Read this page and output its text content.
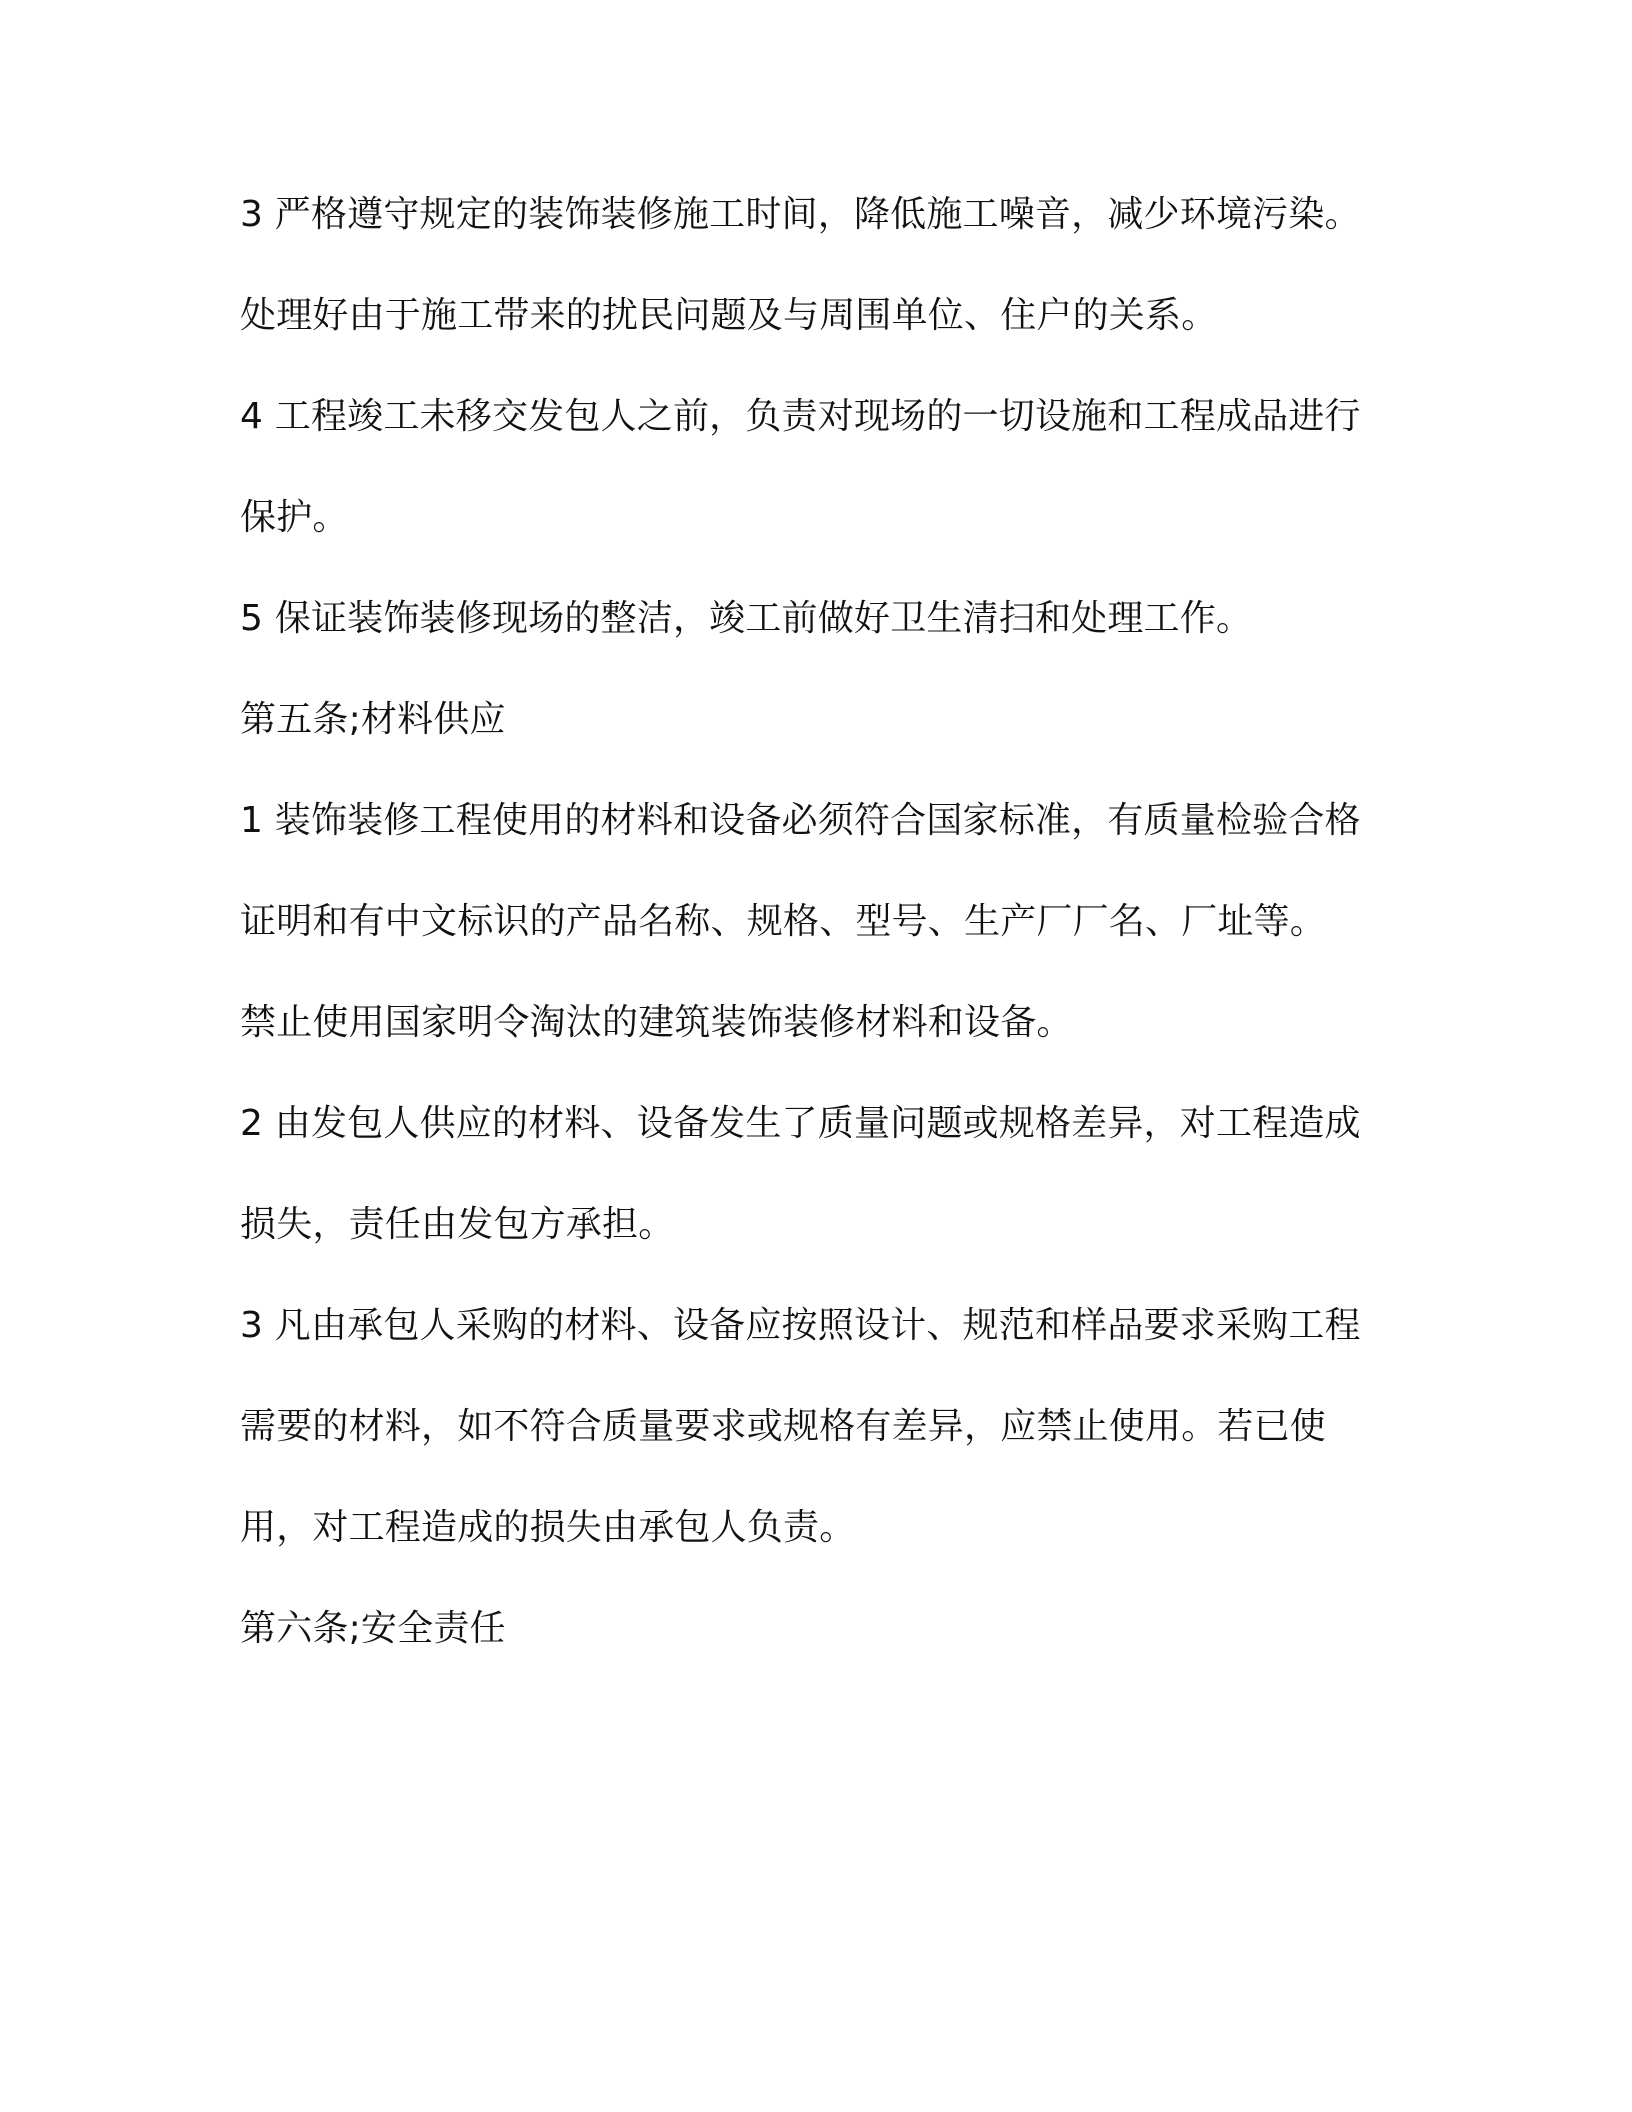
3 严格遵守规定的装饰装修施工时间，降低施工噪音，减少环境污染。
处理好由于施工带来的扰民问题及与周围单位、住户的关系。
4 工程竣工未移交发包人之前，负责对现场的一切设施和工程成品进行
保护。
5 保证装饰装修现场的整洁，竣工前做好卫生清扫和处理工作。
第五条;材料供应
1 装饰装修工程使用的材料和设备必须符合国家标准，有质量检验合格
证明和有中文标识的产品名称、规格、型号、生产厂厂名、厂址等。
禁止使用国家明令淘汰的建筑装饰装修材料和设备。
2 由发包人供应的材料、设备发生了质量问题或规格差异，对工程造成
损失，责任由发包方承担。
3 凡由承包人采购的材料、设备应按照设计、规范和样品要求采购工程
需要的材料，如不符合质量要求或规格有差异，应禁止使用。若已使
用，对工程造成的损失由承包人负责。
第六条;安全责任
